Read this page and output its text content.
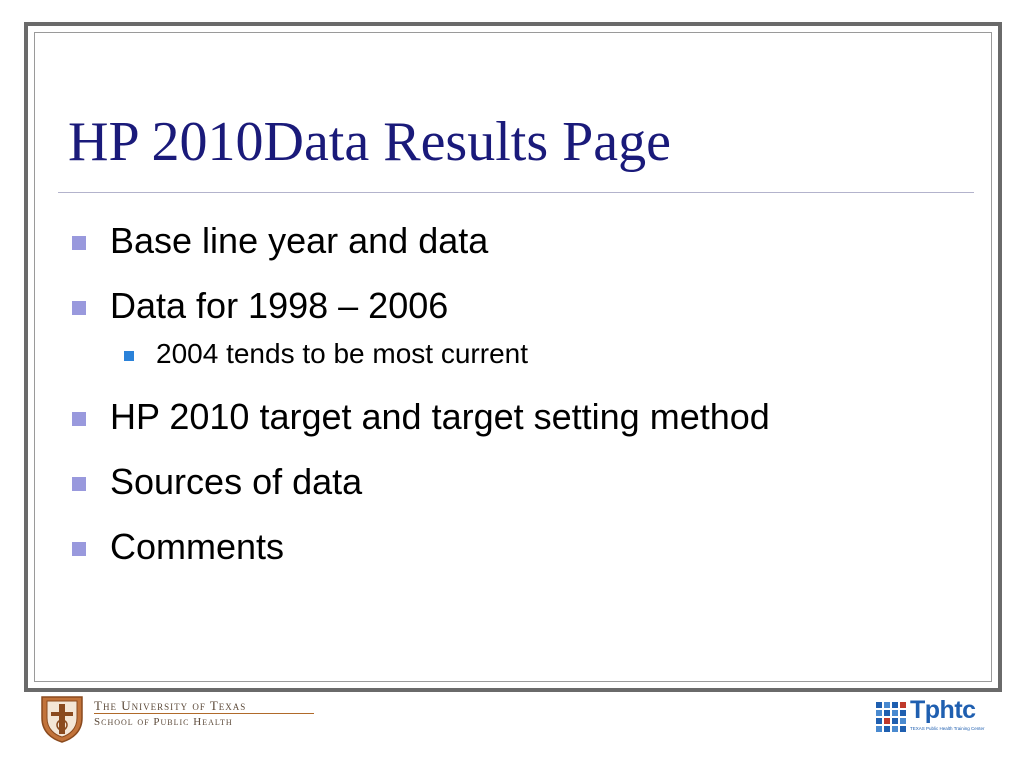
HP 2010Data Results Page
Base line year and data
Data for 1998 – 2006
2004 tends to be most current
HP 2010 target and target setting method
Sources of data
Comments
The University of Texas
School of Public Health	Tphtc
TEXAS Public Health Training Center
